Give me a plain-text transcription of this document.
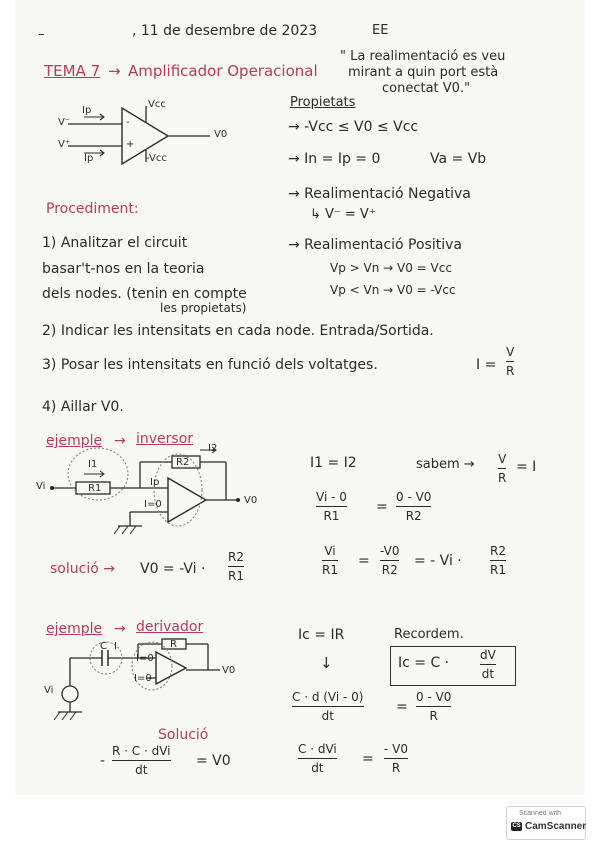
–	, 11 de desembre de 2023	EE
TEMA 7 → Amplificador Operacional
" La realimentació es veu
mirant a quin port està
conectat V0."
V⁻
V⁺
Ip
Ip
Vcc
-Vcc
-
+
V0
Propietats
→ -Vcc ≤ V0 ≤ Vcc
→ In = Ip = 0	Va = Vb
→ Realimentació Negativa
↳ V⁻ = V⁺
Procediment:
→ Realimentació Positiva
Vp > Vn → V0 = Vcc
Vp < Vn → V0 = -Vcc
1) Analitzar el circuit
basar't-nos en la teoria
dels nodes. (tenin en compte
les propietats)
2) Indicar les intensitats en cada node. Entrada/Sortida.
3) Posar les intensitats en funció dels voltatges.	I =
V
R
4) Aillar V0.
ejemple → inversor
I1
I2
Ip
I=0
R1
R2
Vi
V0
I1 = I2	sabem → V
R
= I
Vi - 0
R1
=
0 - V0
R2
solució → V0 = -Vi ·
R2
R1
Vi
R1
=
-V0
R2
= - Vi ·
R2
R1
ejemple → derivador
C I
I=0
I=0
R
Vi
V0
Ic = IR	Recordem.
↓	Ic = C ·	dV
dt
C · d (Vi - 0)
dt
=
0 - V0
R
Solució
-
R · C · dVi
dt
= V0
C · dVi
dt
=
- V0
R
Scanned with
CS CamScanner
